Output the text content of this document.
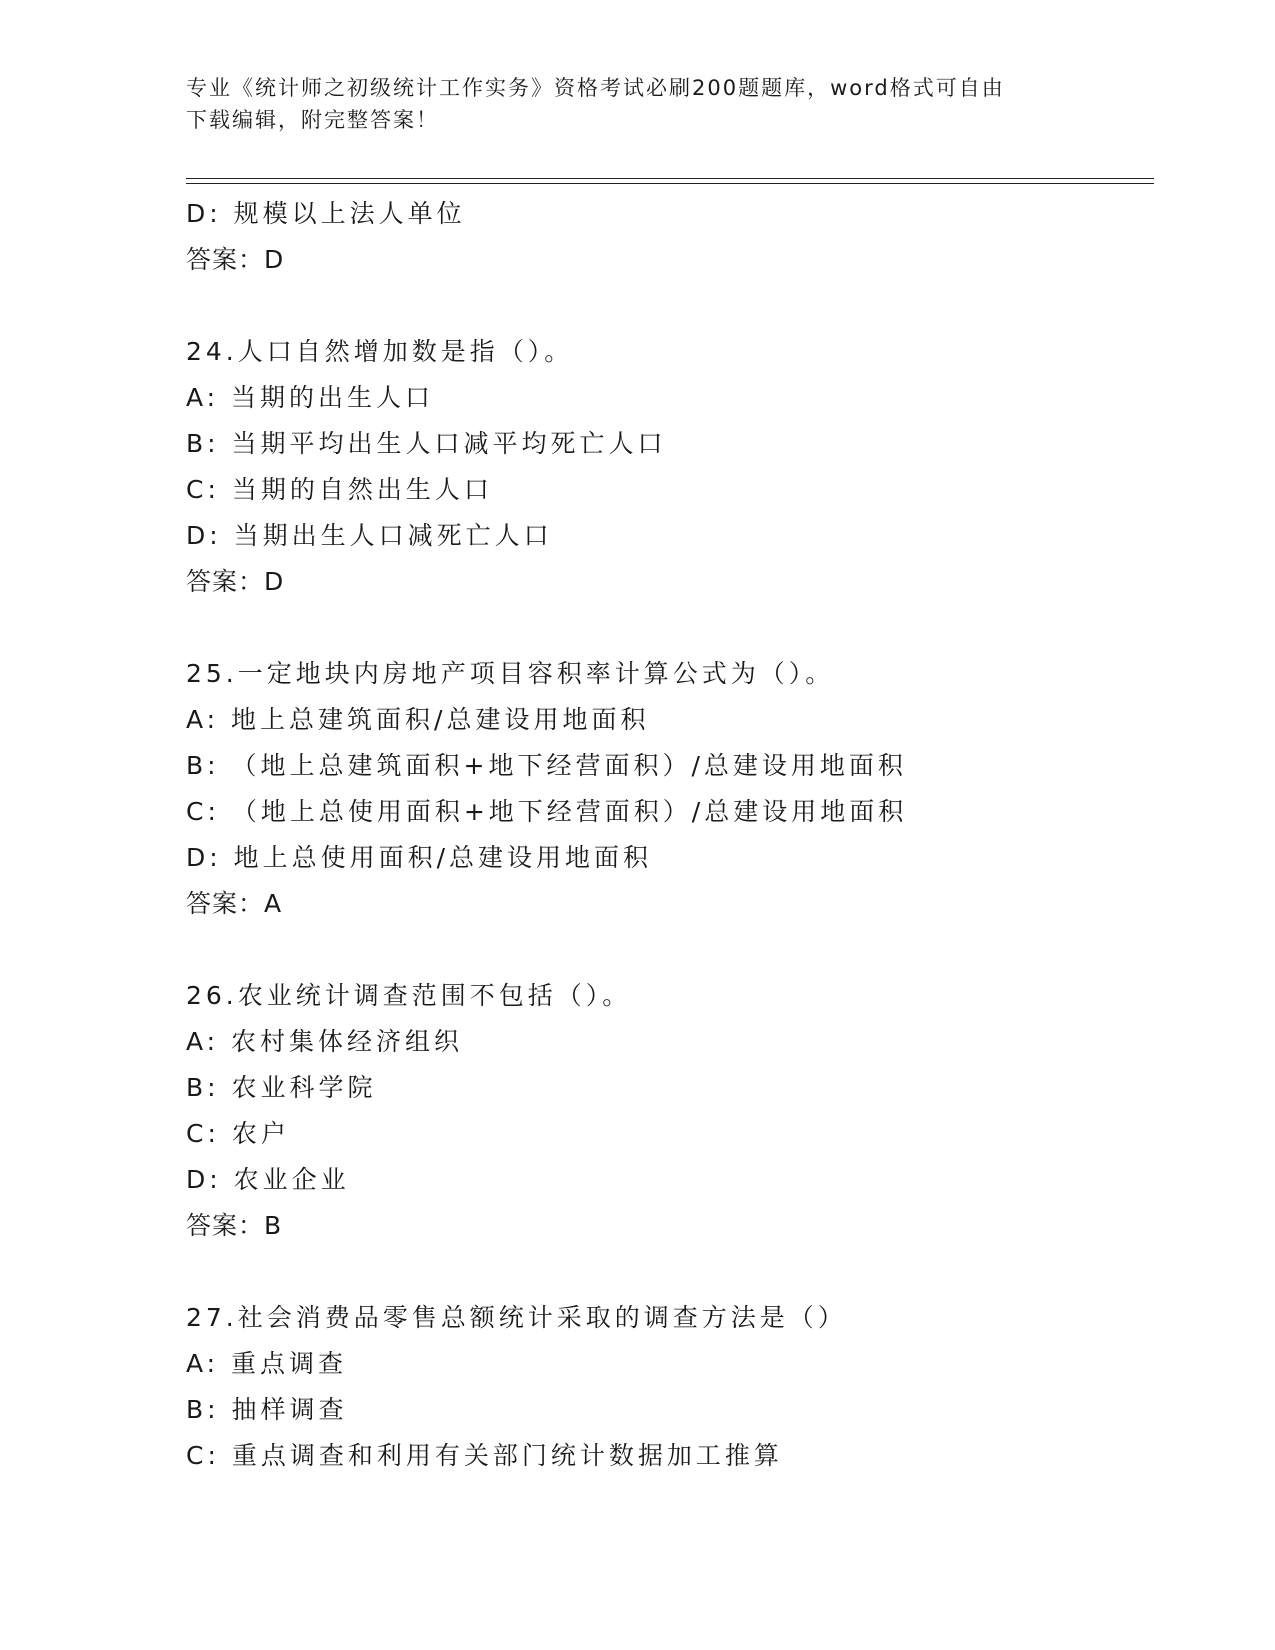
专业《统计师之初级统计工作实务》资格考试必刷200题题库，word格式可自由
下载编辑，附完整答案！
D: 规模以上法人单位
答案：D
24.人口自然增加数是指（）。
A: 当期的出生人口
B: 当期平均出生人口减平均死亡人口
C: 当期的自然出生人口
D: 当期出生人口减死亡人口
答案：D
25.一定地块内房地产项目容积率计算公式为（）。
A: 地上总建筑面积/总建设用地面积
B: （地上总建筑面积+地下经营面积）/总建设用地面积
C: （地上总使用面积+地下经营面积）/总建设用地面积
D: 地上总使用面积/总建设用地面积
答案：A
26.农业统计调查范围不包括（）。
A: 农村集体经济组织
B: 农业科学院
C: 农户
D: 农业企业
答案：B
27.社会消费品零售总额统计采取的调查方法是（）
A: 重点调查
B: 抽样调查
C: 重点调查和利用有关部门统计数据加工推算
